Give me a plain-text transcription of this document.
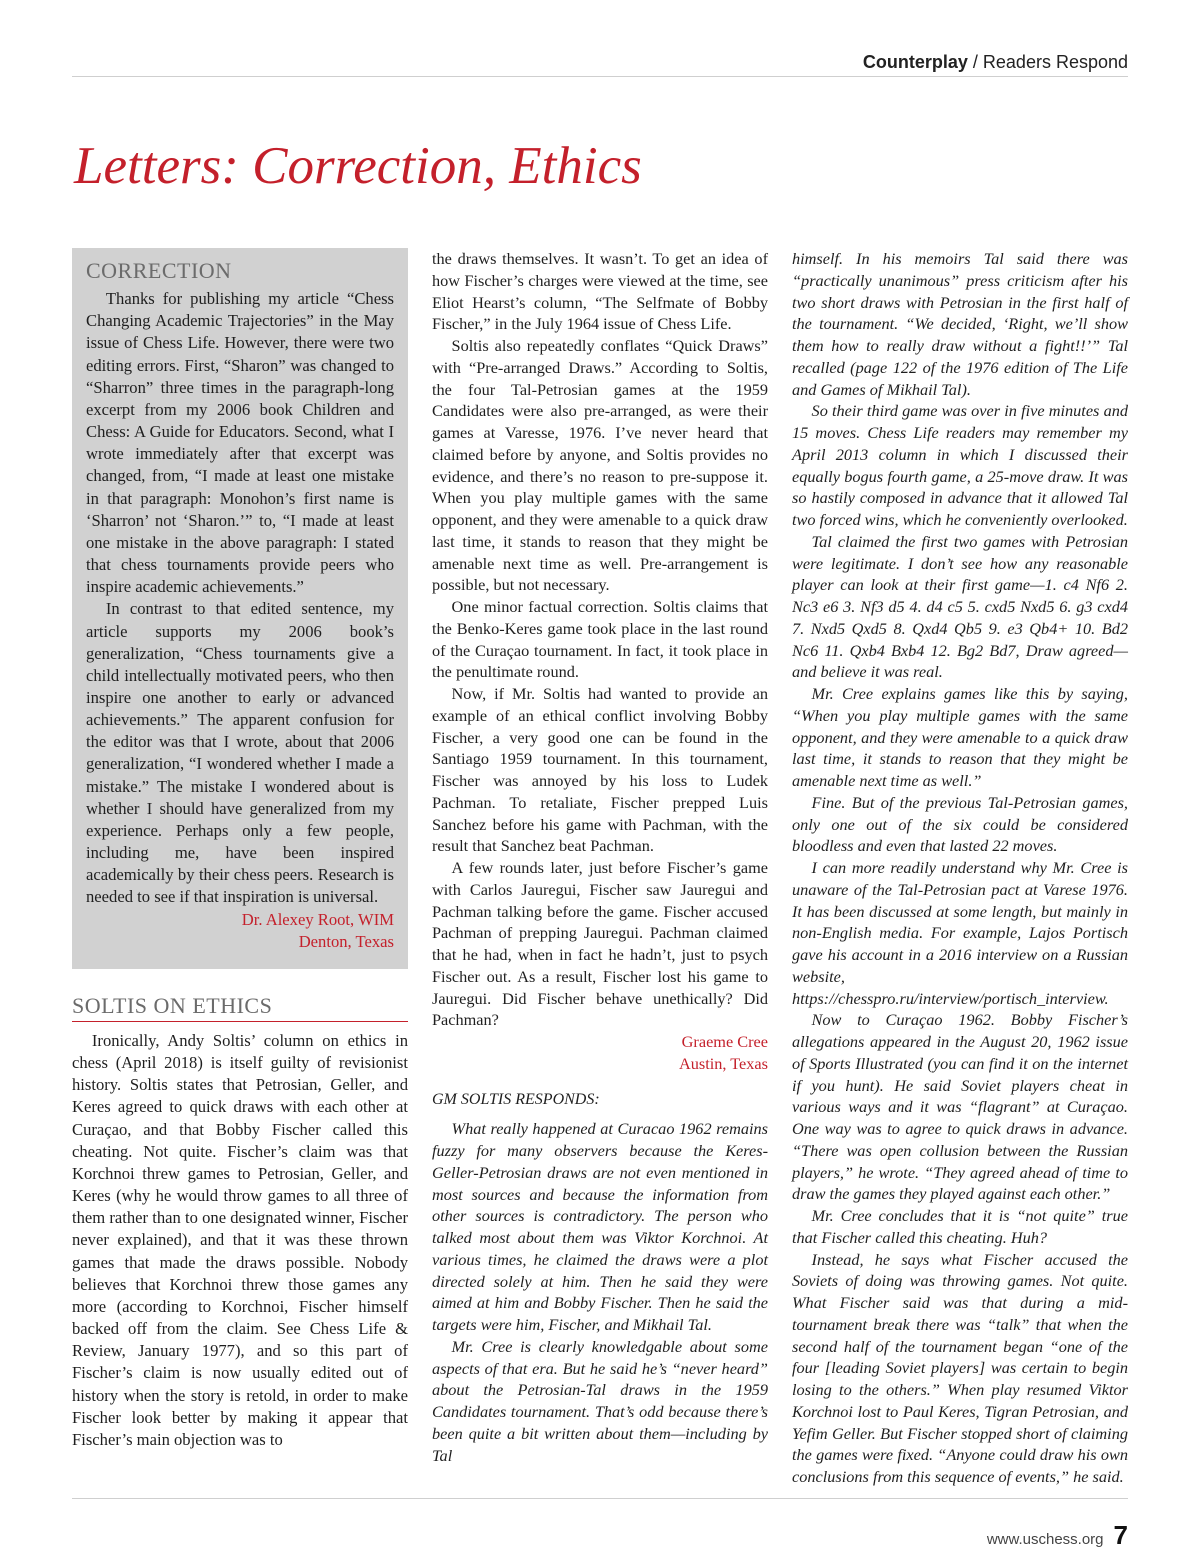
Counterplay / Readers Respond
Letters: Correction, Ethics
CORRECTION

Thanks for publishing my article “Chess Changing Academic Trajectories” in the May issue of Chess Life. However, there were two editing errors. First, “Sharon” was changed to “Sharron” three times in the paragraph-long excerpt from my 2006 book Children and Chess: A Guide for Educators. Second, what I wrote immediately after that excerpt was changed, from, “I made at least one mistake in that paragraph: Monohon’s first name is ‘Sharron’ not ‘Sharon.’” to, “I made at least one mistake in the above paragraph: I stated that chess tournaments provide peers who inspire academic achievements.”

In contrast to that edited sentence, my article supports my 2006 book’s generalization, “Chess tournaments give a child intellectually motivated peers, who then inspire one another to early or advanced achievements.” The apparent confusion for the editor was that I wrote, about that 2006 generalization, “I wondered whether I made a mistake.” The mistake I wondered about is whether I should have generalized from my experience. Perhaps only a few people, including me, have been inspired academically by their chess peers. Research is needed to see if that inspiration is universal.

Dr. Alexey Root, WIM

Denton, Texas

SOLTIS ON ETHICS

Ironically, Andy Soltis’ column on ethics in chess (April 2018) is itself guilty of revisionist history. Soltis states that Petrosian, Geller, and Keres agreed to quick draws with each other at Curaçao, and that Bobby Fischer called this cheating. Not quite. Fischer’s claim was that Korchnoi threw games to Petrosian, Geller, and Keres (why he would throw games to all three of them rather than to one designated winner, Fischer never explained), and that it was these thrown games that made the draws possible. Nobody believes that Korchnoi threw those games any more (according to Korchnoi, Fischer himself backed off from the claim. See Chess Life & Review, January 1977), and so this part of Fischer’s claim is now usually edited out of history when the story is retold, in order to make Fischer look better by making it appear that Fischer’s main objection was to

the draws themselves. It wasn’t. To get an idea of how Fischer’s charges were viewed at the time, see Eliot Hearst’s column, “The Selfmate of Bobby Fischer,” in the July 1964 issue of Chess Life.

Soltis also repeatedly conflates “Quick Draws” with “Pre-arranged Draws.” According to Soltis, the four Tal-Petrosian games at the 1959 Candidates were also pre-arranged, as were their games at Varesse, 1976. I’ve never heard that claimed before by anyone, and Soltis provides no evidence, and there’s no reason to pre-suppose it. When you play multiple games with the same opponent, and they were amenable to a quick draw last time, it stands to reason that they might be amenable next time as well. Pre-arrangement is possible, but not necessary.

One minor factual correction. Soltis claims that the Benko-Keres game took place in the last round of the Curaçao tournament. In fact, it took place in the penultimate round.

Now, if Mr. Soltis had wanted to provide an example of an ethical conflict involving Bobby Fischer, a very good one can be found in the Santiago 1959 tournament. In this tournament, Fischer was annoyed by his loss to Ludek Pachman. To retaliate, Fischer prepped Luis Sanchez before his game with Pachman, with the result that Sanchez beat Pachman.

A few rounds later, just before Fischer’s game with Carlos Jauregui, Fischer saw Jauregui and Pachman talking before the game. Fischer accused Pachman of prepping Jauregui. Pachman claimed that he had, when in fact he hadn’t, just to psych Fischer out. As a result, Fischer lost his game to Jauregui. Did Fischer behave unethically? Did Pachman?

Graeme Cree

Austin, Texas

GM SOLTIS RESPONDS:

What really happened at Curacao 1962 remains fuzzy for many observers because the Keres-Geller-Petrosian draws are not even mentioned in most sources and because the information from other sources is contradictory. The person who talked most about them was Viktor Korchnoi. At various times, he claimed the draws were a plot directed solely at him. Then he said they were aimed at him and Bobby Fischer. Then he said the targets were him, Fischer, and Mikhail Tal.

Mr. Cree is clearly knowledgable about some aspects of that era. But he said he’s “never heard” about the Petrosian-Tal draws in the 1959 Candidates tournament. That’s odd because there’s been quite a bit written about them—including by Tal

himself. In his memoirs Tal said there was “practically unanimous” press criticism after his two short draws with Petrosian in the first half of the tournament. “We decided, ‘Right, we’ll show them how to really draw without a fight!!’” Tal recalled (page 122 of the 1976 edition of The Life and Games of Mikhail Tal).

So their third game was over in five minutes and 15 moves. Chess Life readers may remember my April 2013 column in which I discussed their equally bogus fourth game, a 25-move draw. It was so hastily composed in advance that it allowed Tal two forced wins, which he conveniently overlooked.

Tal claimed the first two games with Petrosian were legitimate. I don’t see how any reasonable player can look at their first game—1. c4 Nf6 2. Nc3 e6 3. Nf3 d5 4. d4 c5 5. cxd5 Nxd5 6. g3 cxd4 7. Nxd5 Qxd5 8. Qxd4 Qb5 9. e3 Qb4+ 10. Bd2 Nc6 11. Qxb4 Bxb4 12. Bg2 Bd7, Draw agreed—and believe it was real.

Mr. Cree explains games like this by saying, “When you play multiple games with the same opponent, and they were amenable to a quick draw last time, it stands to reason that they might be amenable next time as well.”

Fine. But of the previous Tal-Petrosian games, only one out of the six could be considered bloodless and even that lasted 22 moves.

I can more readily understand why Mr. Cree is unaware of the Tal-Petrosian pact at Varese 1976. It has been discussed at some length, but mainly in non-English media. For example, Lajos Portisch gave his account in a 2016 interview on a Russian website, https://chesspro.ru/interview/portisch_interview.

Now to Curaçao 1962. Bobby Fischer’s allegations appeared in the August 20, 1962 issue of Sports Illustrated (you can find it on the internet if you hunt). He said Soviet players cheat in various ways and it was “flagrant” at Curaçao. One way was to agree to quick draws in advance. “There was open collusion between the Russian players,” he wrote. “They agreed ahead of time to draw the games they played against each other.”

Mr. Cree concludes that it is “not quite” true that Fischer called this cheating. Huh?

Instead, he says what Fischer accused the Soviets of doing was throwing games. Not quite. What Fischer said was that during a mid-tournament break there was “talk” that when the second half of the tournament began “one of the four [leading Soviet players] was certain to begin losing to the others.” When play resumed Viktor Korchnoi lost to Paul Keres, Tigran Petrosian, and Yefim Geller. But Fischer stopped short of claiming the games were fixed. “Anyone could draw his own conclusions from this sequence of events,” he said.

www.uschess.org 7
